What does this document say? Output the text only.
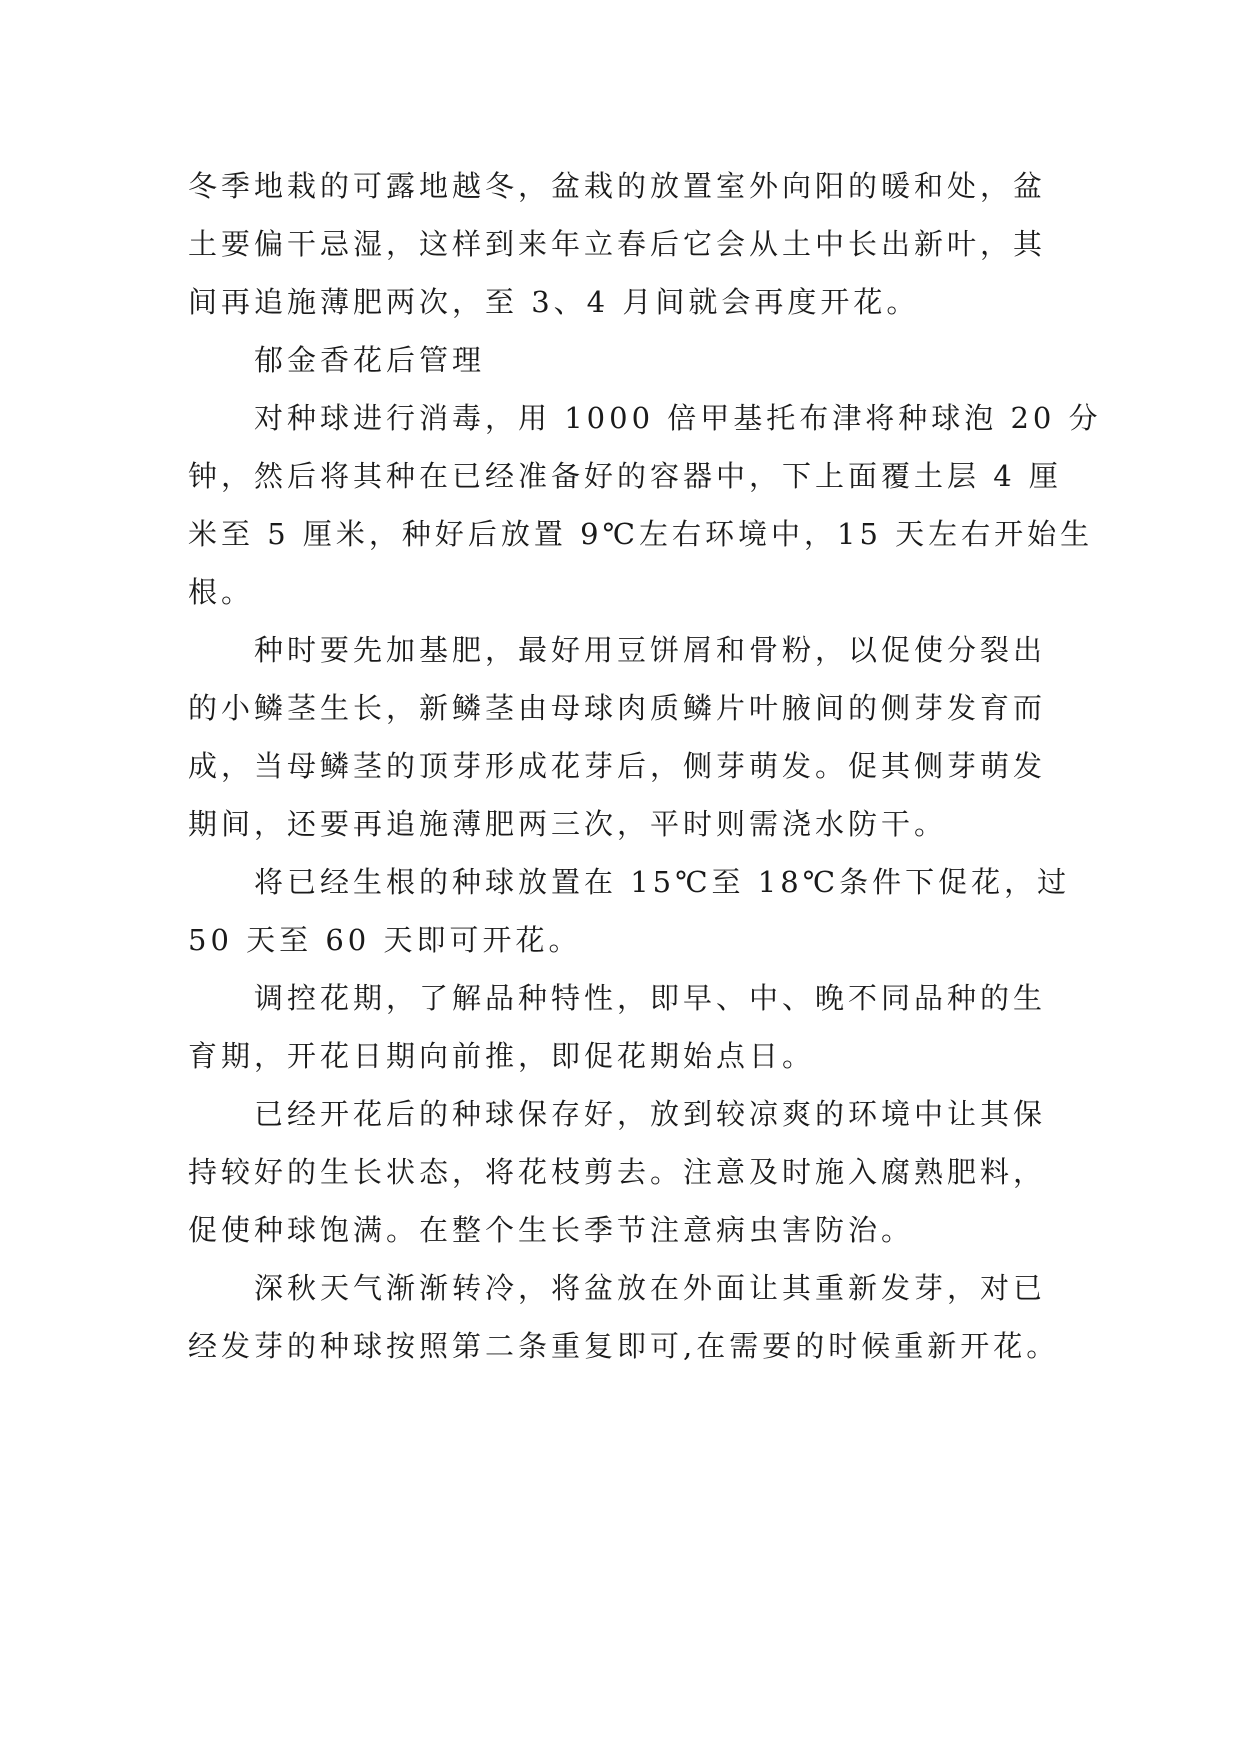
冬季地栽的可露地越冬，盆栽的放置室外向阳的暖和处，盆
土要偏干忌湿，这样到来年立春后它会从土中长出新叶，其
间再追施薄肥两次，至 3、4 月间就会再度开花。
郁金香花后管理
对种球进行消毒，用 1000 倍甲基托布津将种球泡 20 分
钟，然后将其种在已经准备好的容器中，下上面覆土层 4 厘
米至 5 厘米，种好后放置 9℃左右环境中，15 天左右开始生
根。
种时要先加基肥，最好用豆饼屑和骨粉，以促使分裂出
的小鳞茎生长，新鳞茎由母球肉质鳞片叶腋间的侧芽发育而
成，当母鳞茎的顶芽形成花芽后，侧芽萌发。促其侧芽萌发
期间，还要再追施薄肥两三次，平时则需浇水防干。
将已经生根的种球放置在 15℃至 18℃条件下促花，过
50 天至 60 天即可开花。
调控花期，了解品种特性，即早、中、晚不同品种的生
育期，开花日期向前推，即促花期始点日。
已经开花后的种球保存好，放到较凉爽的环境中让其保
持较好的生长状态，将花枝剪去。注意及时施入腐熟肥料，
促使种球饱满。在整个生长季节注意病虫害防治。
深秋天气渐渐转冷，将盆放在外面让其重新发芽，对已
经发芽的种球按照第二条重复即可,在需要的时候重新开花。
